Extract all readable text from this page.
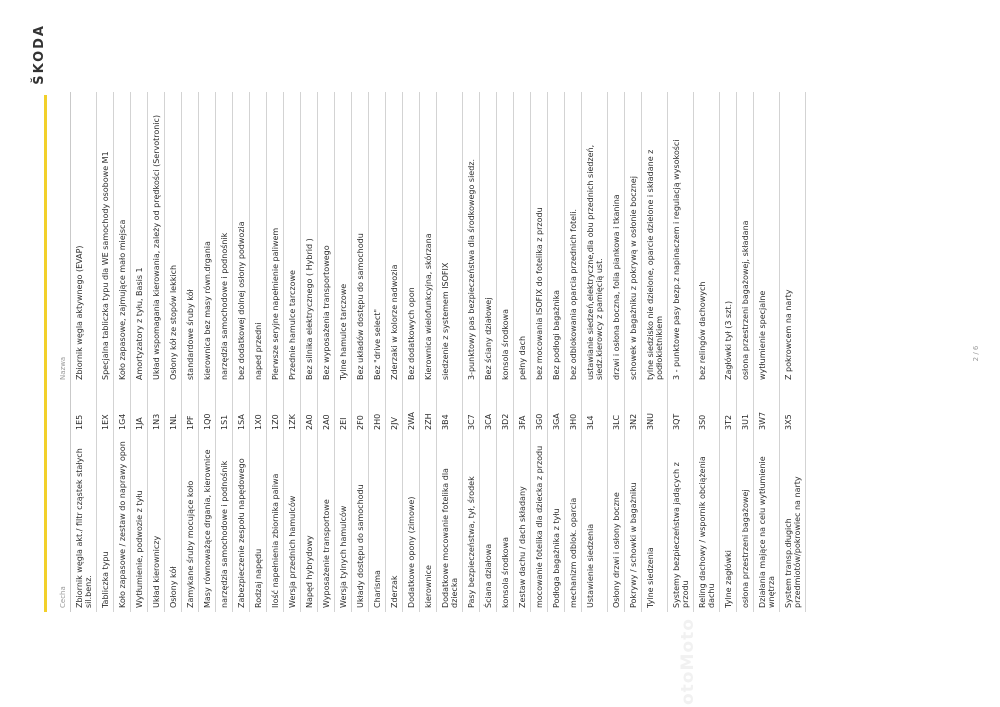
ŠKODA
Cecha		Nazwa
Zbiornik węgla akt./ filtr cząstek stałych sil.benz.	1E5	Zbiornik węgla aktywnego (EVAP)
Tabliczka typu	1EX	Specjalna tabliczka typu dla WE samochody osobowe M1
Koło zapasowe / zestaw do naprawy opon	1G4	Koło zapasowe, zajmujące mało miejsca
Wytłumienie, podwozie z tyłu	1JA	Amortyzatory z tyłu, Basis 1
Układ kierowniczy	1N3	Układ wspomagania kierowania, zależy od prędkości (Servotronic)
Osłony kół	1NL	Osłony kół ze stopów lekkich
Zamykane śruby mocujące koło	1PF	standardowe śruby kół
Masy równoważące drgania, kierownice	1Q0	kierownica bez masy równ.drgania
narzędzia samochodowe i podnośnik	1S1	narzędzia samochodowe i podnośnik
Zabezpieczenie zespołu napędowego	1SA	bez dodatkowej dolnej osłony podwozia
Rodzaj napędu	1X0	naped przedni
Ilość napełnienia zbiornika paliwa	1Z0	Pierwsze seryjne napełnienie paliwem
Wersja przednich hamulców	1ZK	Przednie hamulce tarczowe
Napęd hybrydowy	2A0	Bez silnika elektrycznego ( Hybrid )
Wyposażenie transportowe	2A0	Bez wyposażenia transportowego
Wersja tylnych hamulców	2EI	Tylne hamulce tarczowe
Układy dostępu do samochodu	2F0	Bez układów dostępu do samochodu
Charisma	2H0	Bez "drive select"
Zderzak	2JV	Zderzaki w kolorze nadwozia
Dodatkowe opony (zimowe)	2WA	Bez dodatkowych opon
kierownice	2ZH	Kierownica wielofunkcyjna, skórzana
Dodatkowe mocowanie fotelika dla dziecka	3B4	siedzenie z systemem ISOFIX
Pasy bezpieczeństwa, tył, środek	3C7	3-punktowy pas bezpieczeństwa dla środkowego siedz.
Ściana działowa	3CA	Bez ściany działowej
konsola środkowa	3D2	konsola środkowa
Zestaw dachu / dach składany	3FA	pełny dach
mocowanie fotelika dla dziecka z przodu	3G0	bez mocowania ISOFIX do fotelika z przodu
Podłoga bagażnika z tyłu	3GA	Bez podłogi bagażnika
mechanizm odblok. oparcia	3H0	bez odblokowania oparcia przednich foteli.
Ustawienie siedzenia	3L4	ustawianie siedzeń,elektryczne,dla obu przednich siedzeń, siedz.kierowcy z pamięcią ust.
Osłony drzwi i osłony boczne	3LC	drzwi i osłona boczna, folia piankowa i tkanina
Pokrywy / schowki w bagażniku	3N2	schowek w bagażniku z pokrywą w osłonie bocznej
Tylne siedzenia	3NU	tylne siedzisko nie dzielone, oparcie dzielone i składane z podłokietnikiem
Systemy bezpieczeństwa jadących z przodu	3QT	3 - punktowe pasy bezp.z napinaczem i regulacją wysokości
Reling dachowy / wspornik obciążenia dachu	3S0	bez relingów dachowych
Tylne zagłówki	3T2	Zagłówki tył (3 szt.)
osłona przestrzeni bagażowej	3U1	osłona przestrzeni bagażowej, składana
Działania mające na celu wytłumienie wnętrza	3W7	wytłumienie specjalne
System transp.długich przedmiotów/pokrowiec na narty	3X5	Z pokrowcem na narty	2 / 6
otoMoto
